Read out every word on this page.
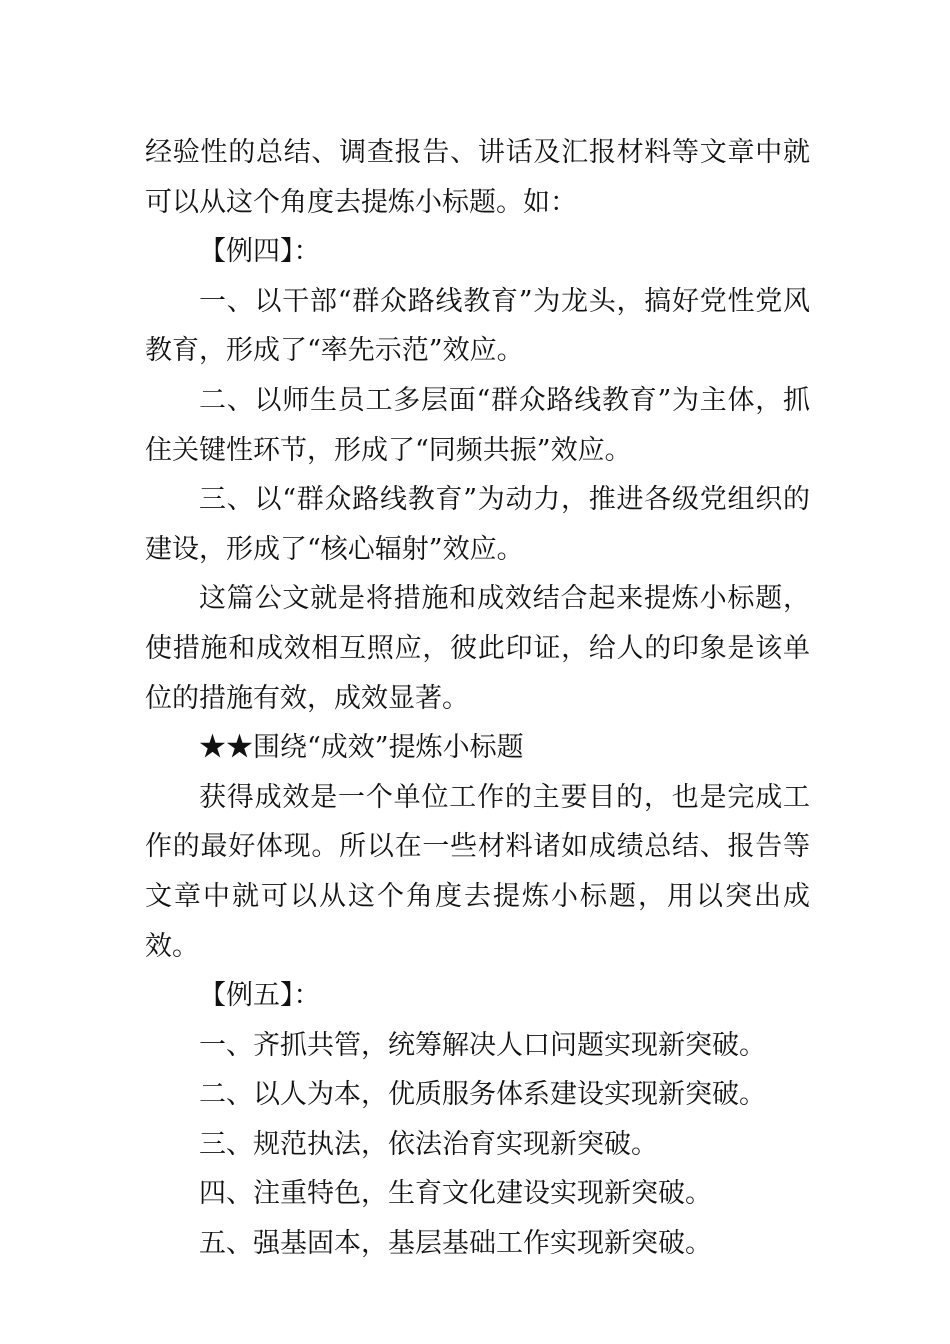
经验性的总结、调查报告、讲话及汇报材料等文章中就可以从这个角度去提炼小标题。如：

【例四】：

一、以干部“群众路线教育”为龙头，搞好党性党风教育，形成了“率先示范”效应。

二、以师生员工多层面“群众路线教育”为主体，抓住关键性环节，形成了“同频共振”效应。

三、以“群众路线教育”为动力，推进各级党组织的建设，形成了“核心辐射”效应。

这篇公文就是将措施和成效结合起来提炼小标题，使措施和成效相互照应，彼此印证，给人的印象是该单位的措施有效，成效显著。

★★围绕“成效”提炼小标题

获得成效是一个单位工作的主要目的，也是完成工作的最好体现。所以在一些材料诸如成绩总结、报告等文章中就可以从这个角度去提炼小标题，用以突出成效。

【例五】：

一、齐抓共管，统筹解决人口问题实现新突破。

二、以人为本，优质服务体系建设实现新突破。

三、规范执法，依法治育实现新突破。

四、注重特色，生育文化建设实现新突破。

五、强基固本，基层基础工作实现新突破。
